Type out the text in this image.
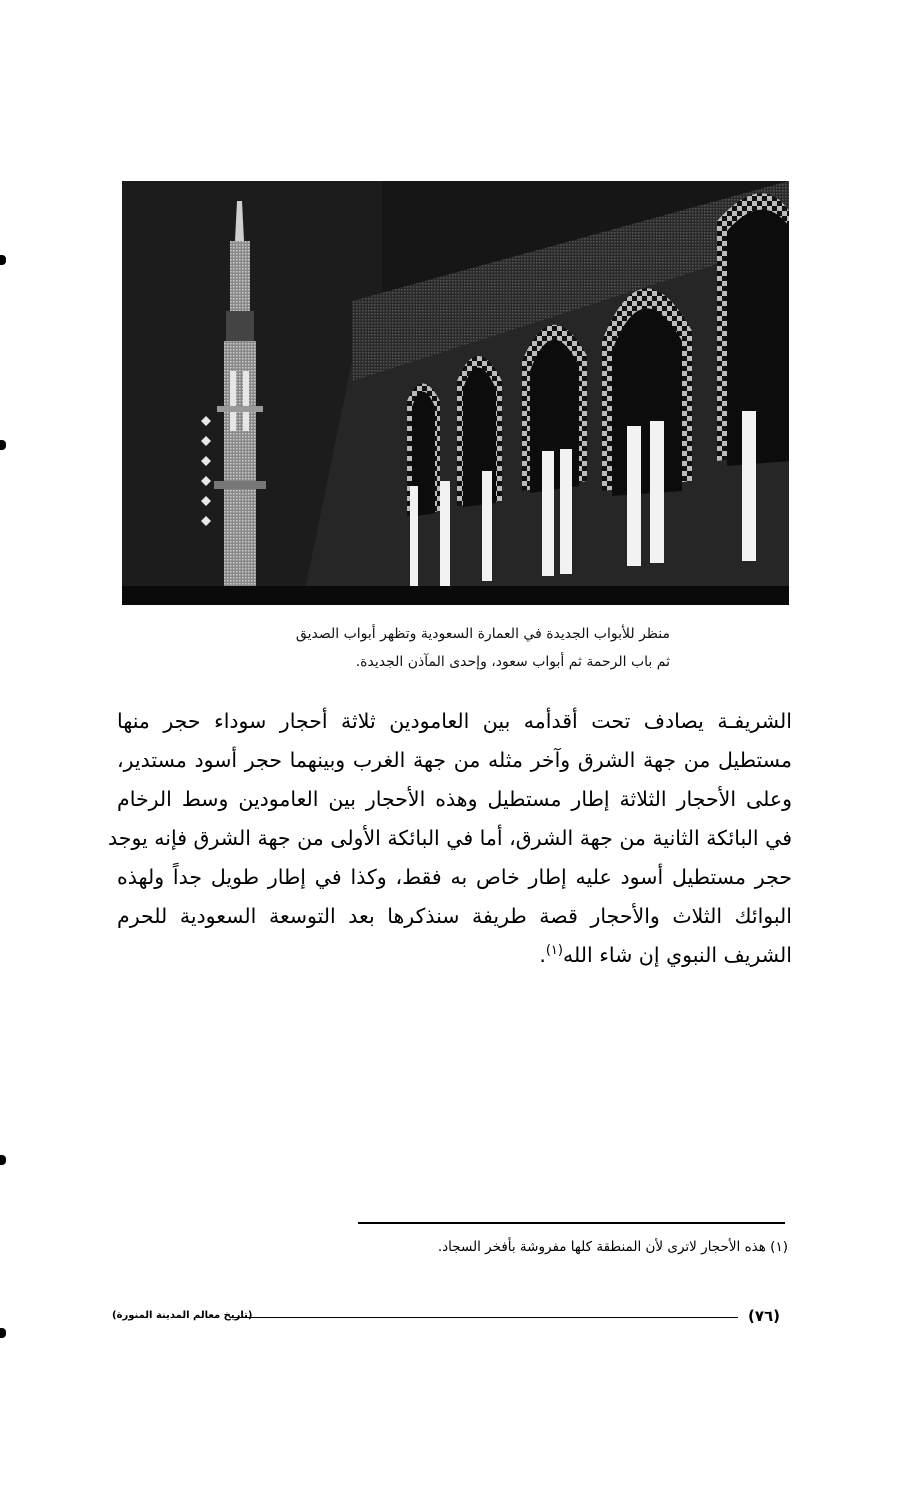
منظر للأبواب الجديدة في العمارة السعودية وتظهر أبواب الصديق
ثم باب الرحمة ثم أبواب سعود، وإحدى المآذن الجديدة.
الشريفـة يصادف تحت أقدأمه بين العامودين ثلاثة أحجار سوداء حجر منها
مستطيل من جهة الشرق وآخر مثله من جهة الغرب وبينهما حجر أسود مستدير،
وعلى الأحجار الثلاثة إطار مستطيل وهذه الأحجار بين العامودين وسط الرخام
في البائكة الثانية من جهة الشرق، أما في البائكة الأولى من جهة الشرق فإنه يوجد
حجر مستطيل أسود عليه إطار خاص به فقط، وكذا في إطار طويل جداً ولهذه
البوائك الثلاث والأحجار قصة طريفة سنذكرها بعد التوسعة السعودية للحرم
الشريف النبوي إن شاء الله$^{(١)}$.
(١) هذه الأحجار لاترى لأن المنطقة كلها مفروشة بأفخر السجاد.
(تاريخ معالم المدينة المنورة)	(٧٦)
